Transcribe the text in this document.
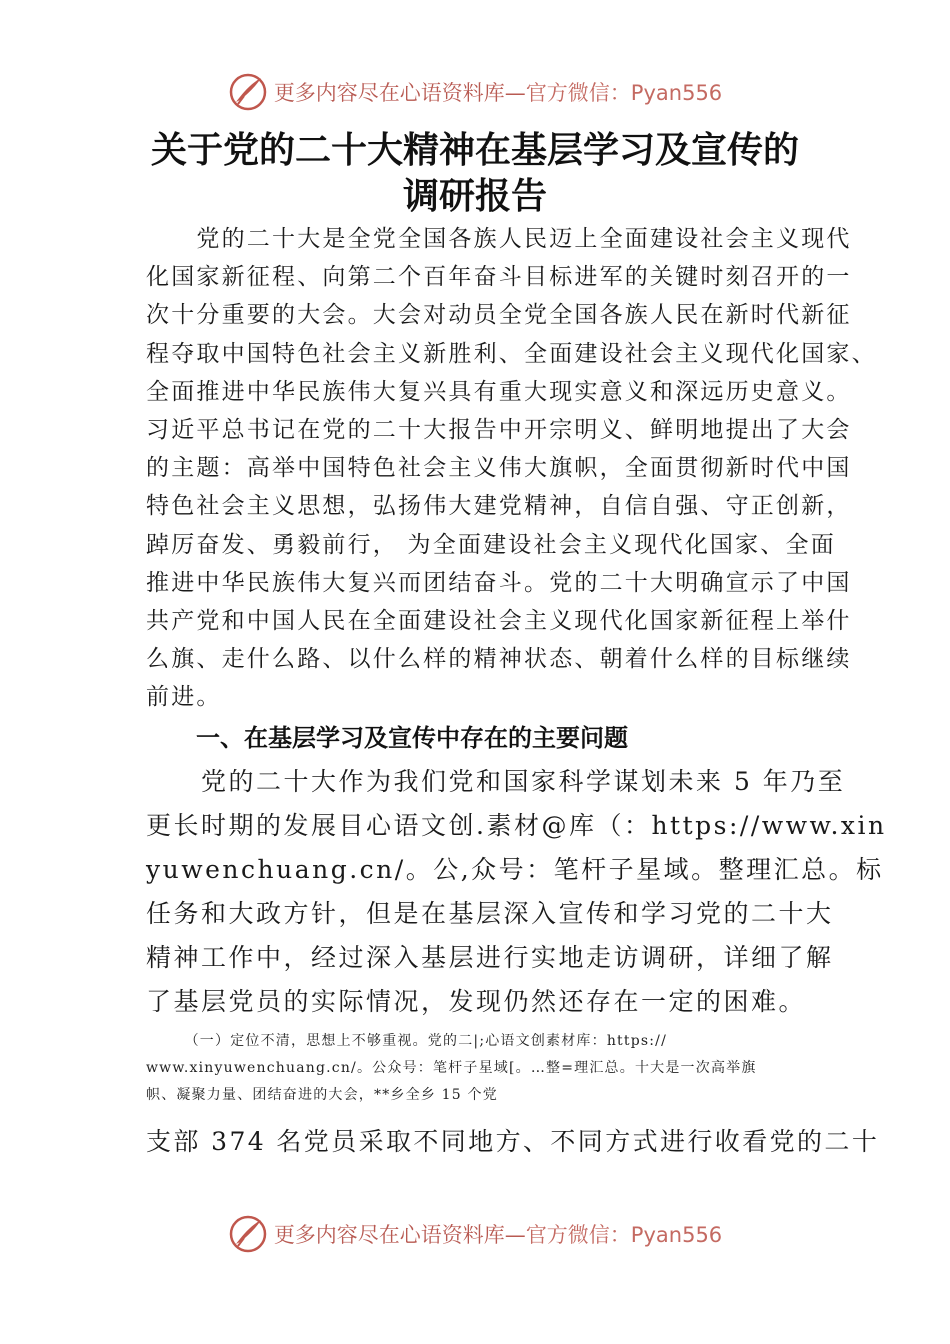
更多内容尽在心语资料库— 官方微信：Pyan556
关于党的二十大精神在基层学习及宣传的
调研报告
　　党的二十大是全党全国各族人民迈上全面建设社会主义现代
化国家新征程、向第二个百年奋斗目标进军的关键时刻召开的一
次十分重要的大会。大会对动员全党全国各族人民在新时代新征
程夺取中国特色社会主义新胜利、全面建设社会主义现代化国家、
全面推进中华民族伟大复兴具有重大现实意义和深远历史意义。
习近平总书记在党的二十大报告中开宗明义、鲜明地提出了大会
的主题：高举中国特色社会主义伟大旗帜，全面贯彻新时代中国
特色社会主义思想，弘扬伟大建党精神，自信自强、守正创新，
踔厉奋发、勇毅前行， 为全面建设社会主义现代化国家、全面
推进中华民族伟大复兴而团结奋斗。党的二十大明确宣示了中国
共产党和中国人民在全面建设社会主义现代化国家新征程上举什
么旗、走什么路、以什么样的精神状态、朝着什么样的目标继续
前进。
一、在基层学习及宣传中存在的主要问题
　　党的二十大作为我们党和国家科学谋划未来 5 年乃至
更长时期的发展目心语文创.素材@库（：https://www.xin
yuwenchuang.cn/。公,众号：笔杆子星域。整理汇总。标
任务和大政方针，但是在基层深入宣传和学习党的二十大
精神工作中，经过深入基层进行实地走访调研，详细了解
了基层党员的实际情况，发现仍然还存在一定的困难。
　　　（一）定位不清，思想上不够重视。党的二|;心语文创素材库：https://
www.xinyuwenchuang.cn/。公众号：笔杆子星域[。…整=理汇总。十大是一次高举旗
帜、凝聚力量、团结奋进的大会，**乡全乡 15 个党
支部 374 名党员采取不同地方、不同方式进行收看党的二十
更多内容尽在心语资料库— 官方微信：Pyan556
